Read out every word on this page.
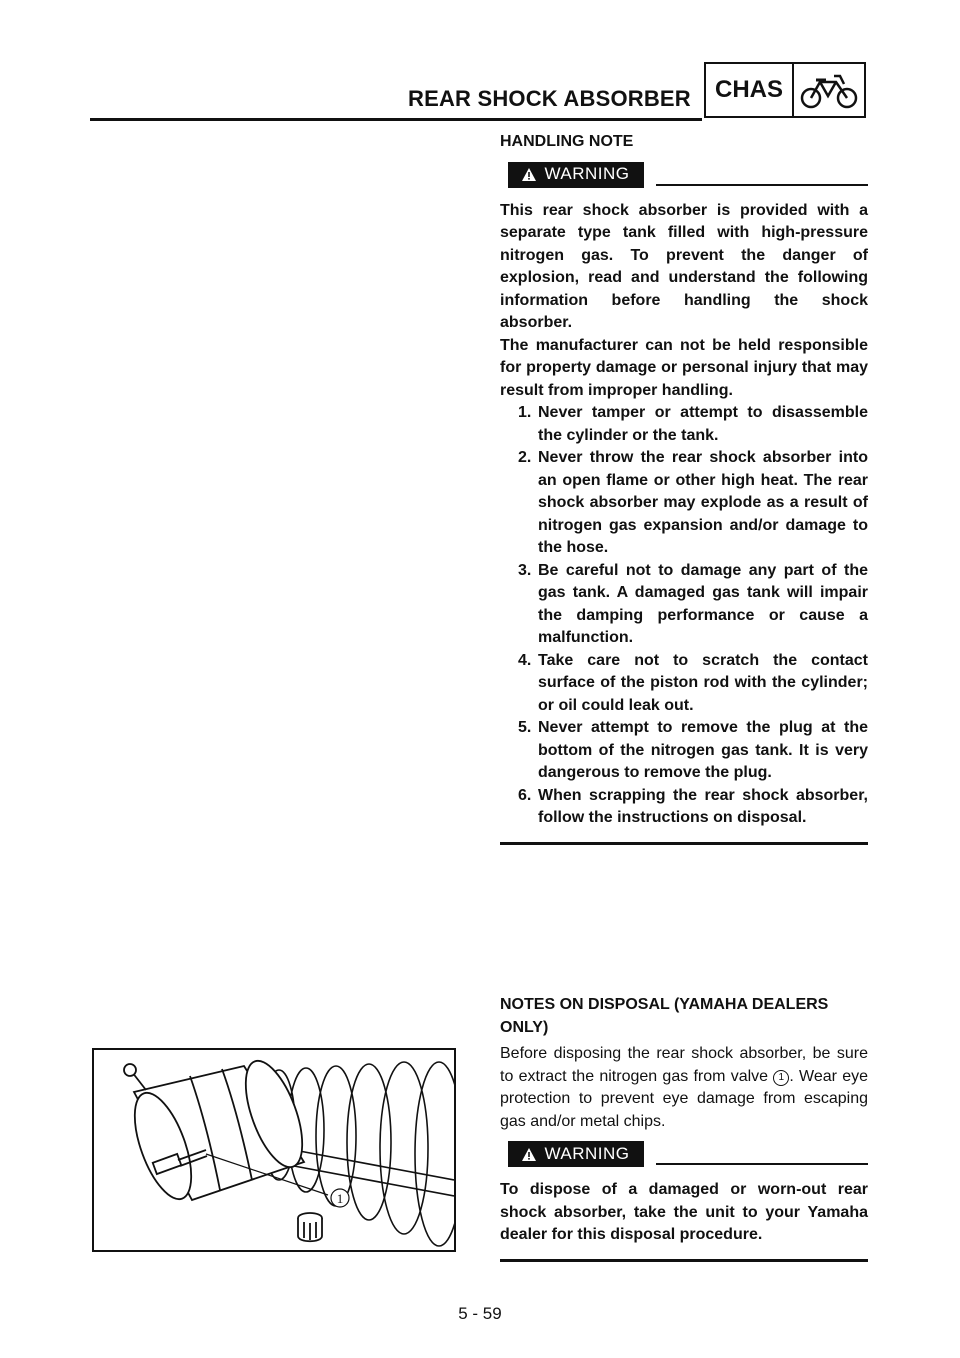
REAR SHOCK ABSORBER	CHAS
HANDLING NOTE
WARNING
This rear shock absorber is provided with a separate type tank filled with high-pressure nitrogen gas. To prevent the danger of explosion, read and understand the following information before handling the shock absorber.
The manufacturer can not be held responsible for property damage or personal injury that may result from improper handling.
1. Never tamper or attempt to disassemble the cylinder or the tank.
2. Never throw the rear shock absorber into an open flame or other high heat. The rear shock absorber may explode as a result of nitrogen gas expansion and/or damage to the hose.
3. Be careful not to damage any part of the gas tank. A damaged gas tank will impair the damping performance or cause a malfunction.
4. Take care not to scratch the contact surface of the piston rod with the cylinder; or oil could leak out.
5. Never attempt to remove the plug at the bottom of the nitrogen gas tank. It is very dangerous to remove the plug.
6. When scrapping the rear shock absorber, follow the instructions on disposal.
NOTES ON DISPOSAL (YAMAHA DEALERS ONLY)
Before disposing the rear shock absorber, be sure to extract the nitrogen gas from valve 1 . Wear eye protection to prevent eye damage from escaping gas and/or metal chips.
WARNING
To dispose of a damaged or worn-out rear shock absorber, take the unit to your Yamaha dealer for this disposal procedure.
1
5 - 59
